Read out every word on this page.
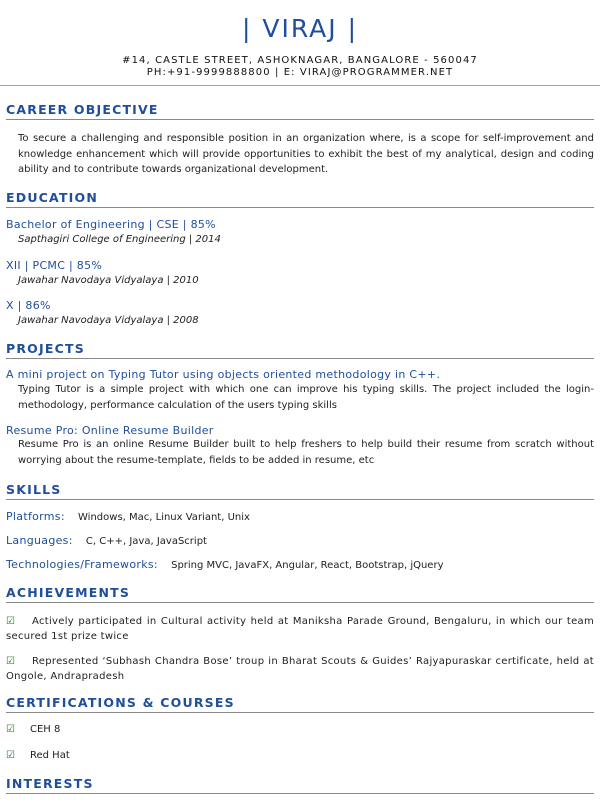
| VIRAJ |
#14, CASTLE STREET, ASHOKNAGAR, BANGALORE - 560047
PH:+91-9999888800 | E: VIRAJ@PROGRAMMER.NET
CAREER OBJECTIVE
To secure a challenging and responsible position in an organization where, is a scope for self-improvement and knowledge enhancement which will provide opportunities to exhibit the best of my analytical, design and coding ability and to contribute towards organizational development.
EDUCATION
Bachelor of Engineering | CSE | 85%
Sapthagiri College of Engineering | 2014
XII | PCMC | 85%
Jawahar Navodaya Vidyalaya | 2010
X | 86%
Jawahar Navodaya Vidyalaya | 2008
PROJECTS
A mini project on Typing Tutor using objects oriented methodology in C++.
Typing Tutor is a simple project with which one can improve his typing skills. The project included the login-methodology, performance calculation of the users typing skills
Resume Pro: Online Resume Builder
Resume Pro is an online Resume Builder built to help freshers to help build their resume from scratch without worrying about the resume-template, fields to be added in resume, etc
SKILLS
Platforms: Windows, Mac, Linux Variant, Unix
Languages: C, C++, Java, JavaScript
Technologies/Frameworks: Spring MVC, JavaFX, Angular, React, Bootstrap, jQuery
ACHIEVEMENTS
☑ Actively participated in Cultural activity held at Maniksha Parade Ground, Bengaluru, in which our team secured 1st prize twice
☑ Represented ‘Subhash Chandra Bose’ troup in Bharat Scouts & Guides’ Rajyapuraskar certificate, held at Ongole, Andrapradesh
CERTIFICATIONS & COURSES
☑ CEH 8
☑ Red Hat
INTERESTS
